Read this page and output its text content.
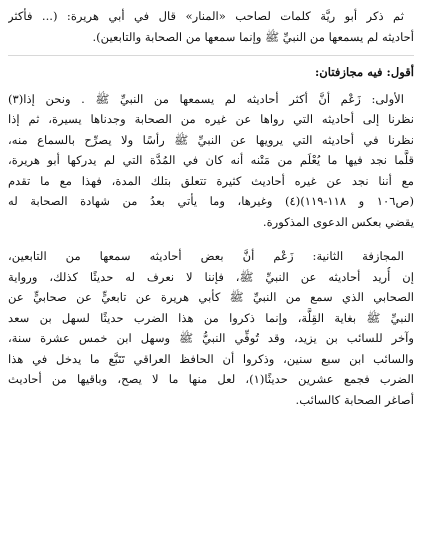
ثم ذكر أبو ريَّة كلمات لصاحب «المنار» قال في أبي هريرة: (... فأكثر
أحاديثه لم يسمعها من النبيِّ ﷺ وإنما سمعها من الصحابة والتابعين).
أقول: فيه مجازفتان:
الأولى: زَعْم أنَّ أكثر أحاديثه لم يسمعها من النبيِّ ﷺ . ونحن إذا(٣)
نظرنا إلى أحاديثه التي رواها عن غيره من الصحابة وجدناها يسيرة، ثم إذا
نظرنا في أحاديثه التي يرويها عن النبيِّ ﷺ رأسًا ولا يصرِّح بالسماع منه،
قلَّما نجد فيها ما يُعْلَم من مَتْنه أنه كان في المُدَّة التي لم يدركها أبو هريرة،
مع أننا نجد عن غيره أحاديث كثيرة تتعلق بتلك المدة، فهذا مع ما تقدم
(ص١٠٦ و ١١٨-١١٩)(٤) وغيرها، وما يأتي بعدُ من شهادة الصحابة له
يقضي بعكس الدعوى المذكورة.
المجازفة الثانية: زَعْم أنَّ بعض أحاديثه سمعها من التابعين،
إن أُريد أحاديثه عن النبيِّ ﷺ، فإننا لا نعرف له حديثًا كذلك، ورواية
الصحابي الذي سمع من النبيِّ ﷺ كأبي هريرة عن تابعيٍّ عن صحابيٍّ عن
النبيِّ ﷺ بغاية القِلَّة، وإنما ذكروا من هذا الضرب حديثًا لسهل بن سعد
وآخر للسائب بن يزيد، وقد تُوفِّي النبيُّ ﷺ وسهل ابن خمس عشرة سنة،
والسائب ابن سبع سنين، وذكروا أن الحافظ العراقي تَتَبَّع ما يدخل في هذا
الضرب فجمع عشرين حديثًا(١)، لعل منها ما لا يصح، وباقيها من أحاديث
أصاغر الصحابة كالسائب.
